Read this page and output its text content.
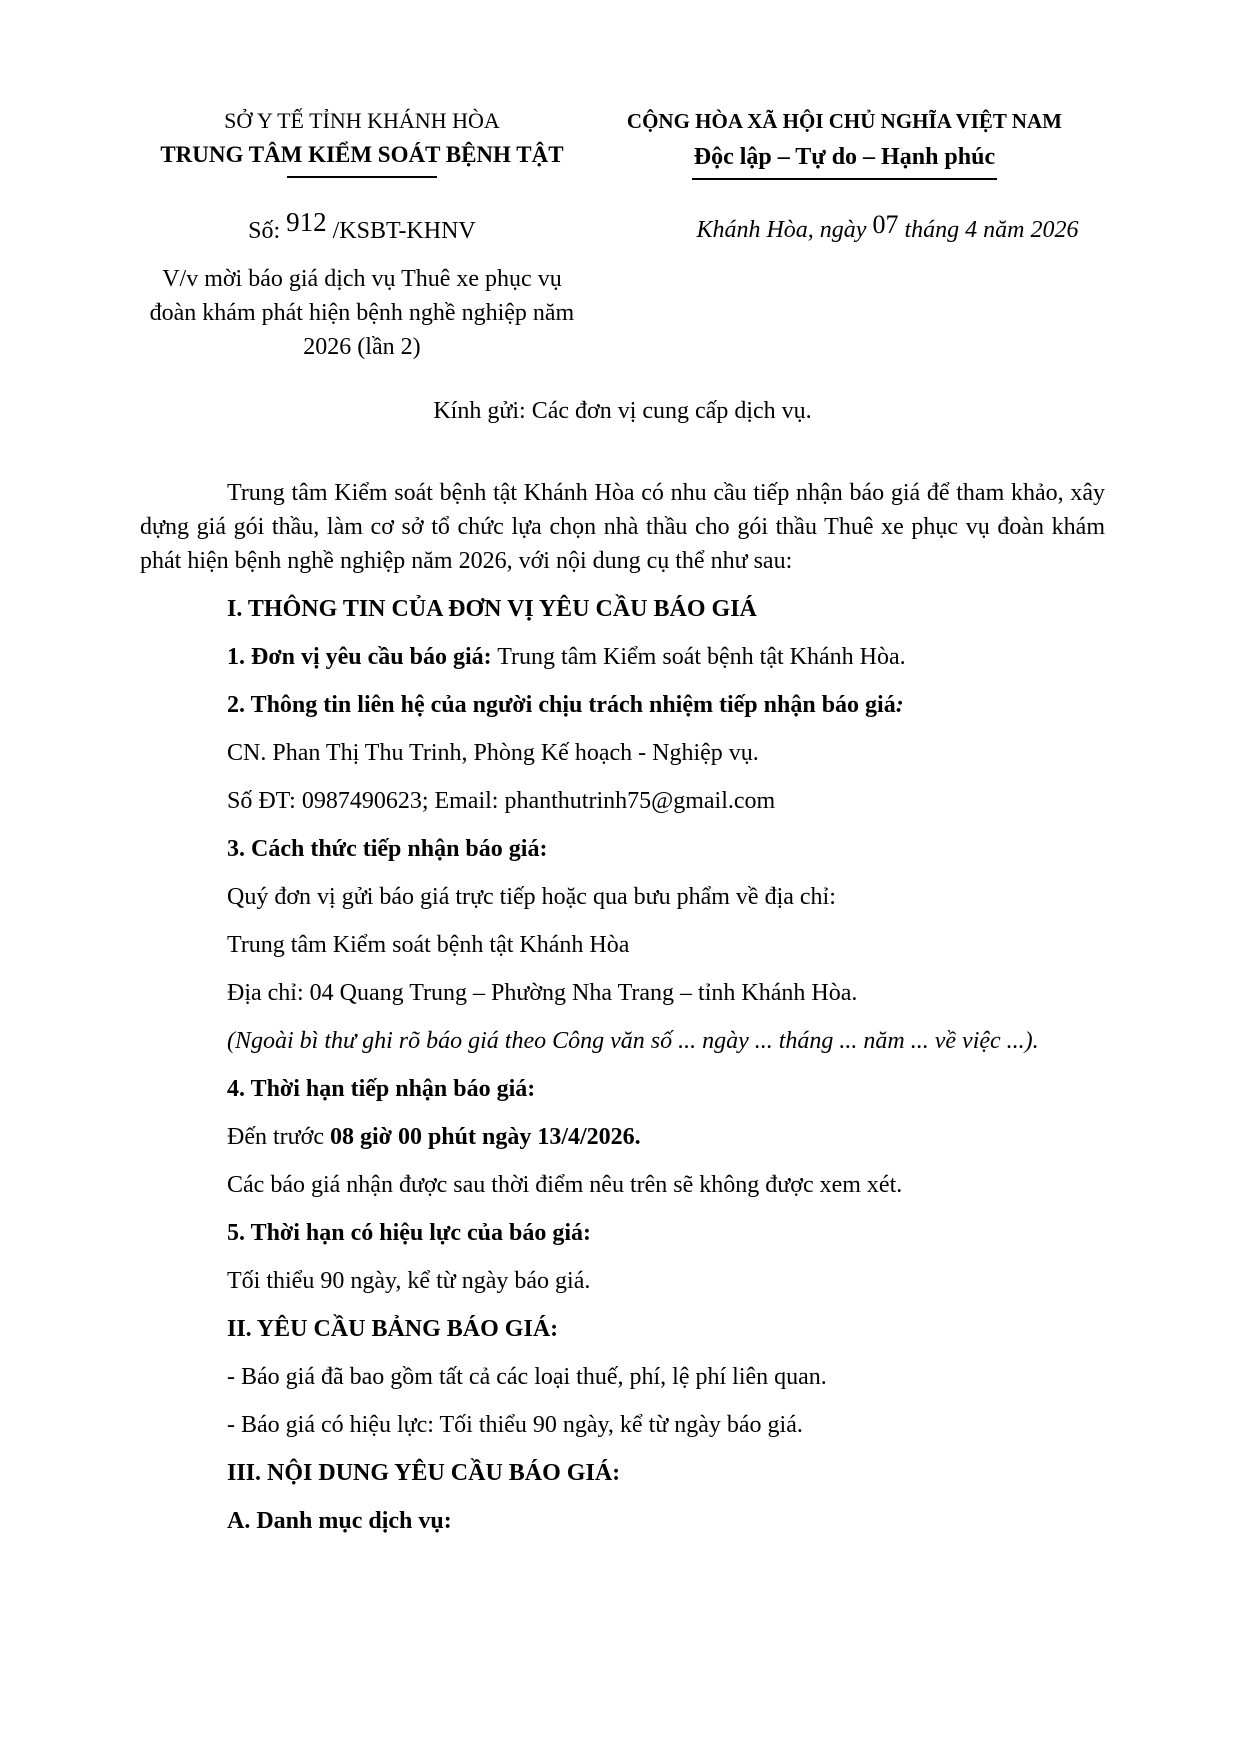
SỞ Y TẾ TỈNH KHÁNH HÒA
TRUNG TÂM KIỂM SOÁT BỆNH TẬT
CỘNG HÒA XÃ HỘI CHỦ NGHĨA VIỆT NAM
Độc lập – Tự do – Hạnh phúc
Số: 912 /KSBT-KHNV	Khánh Hòa, ngày 07 tháng 4 năm 2026
V/v mời báo giá dịch vụ Thuê xe phục vụ đoàn khám phát hiện bệnh nghề nghiệp năm 2026 (lần 2)
Kính gửi: Các đơn vị cung cấp dịch vụ.

Trung tâm Kiểm soát bệnh tật Khánh Hòa có nhu cầu tiếp nhận báo giá để tham khảo, xây dựng giá gói thầu, làm cơ sở tổ chức lựa chọn nhà thầu cho gói thầu Thuê xe phục vụ đoàn khám phát hiện bệnh nghề nghiệp năm 2026, với nội dung cụ thể như sau:

I. THÔNG TIN CỦA ĐƠN VỊ YÊU CẦU BÁO GIÁ

1. Đơn vị yêu cầu báo giá: Trung tâm Kiểm soát bệnh tật Khánh Hòa.

2. Thông tin liên hệ của người chịu trách nhiệm tiếp nhận báo giá:

CN. Phan Thị Thu Trinh, Phòng Kế hoạch - Nghiệp vụ.

Số ĐT: 0987490623; Email: phanthutrinh75@gmail.com

3. Cách thức tiếp nhận báo giá:

Quý đơn vị gửi báo giá trực tiếp hoặc qua bưu phẩm về địa chỉ:

Trung tâm Kiểm soát bệnh tật Khánh Hòa

Địa chỉ: 04 Quang Trung – Phường Nha Trang – tỉnh Khánh Hòa.

(Ngoài bì thư ghi rõ báo giá theo Công văn số ... ngày ... tháng ... năm ... về việc ...).

4. Thời hạn tiếp nhận báo giá:

Đến trước 08 giờ 00 phút ngày 13/4/2026.

Các báo giá nhận được sau thời điểm nêu trên sẽ không được xem xét.

5. Thời hạn có hiệu lực của báo giá:

Tối thiểu 90 ngày, kể từ ngày báo giá.

II. YÊU CẦU BẢNG BÁO GIÁ:

- Báo giá đã bao gồm tất cả các loại thuế, phí, lệ phí liên quan.

- Báo giá có hiệu lực: Tối thiểu 90 ngày, kể từ ngày báo giá.

III. NỘI DUNG YÊU CẦU BÁO GIÁ:

A. Danh mục dịch vụ:
